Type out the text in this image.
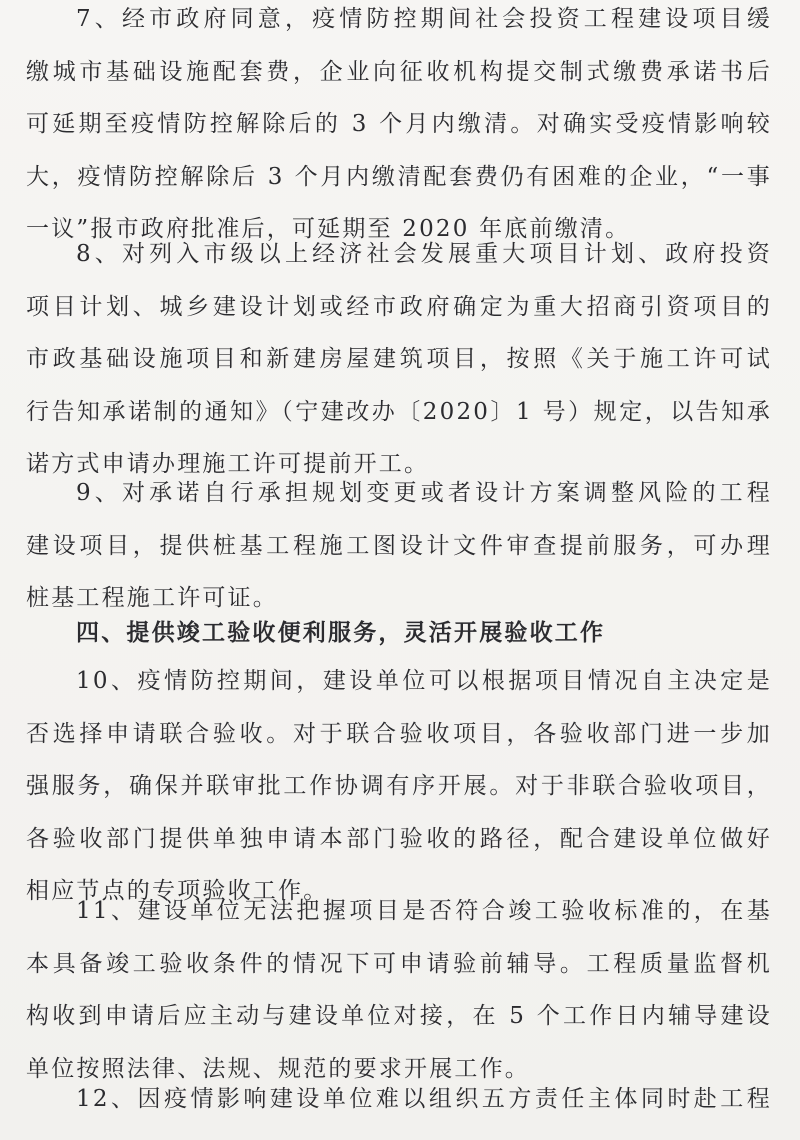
7、经市政府同意，疫情防控期间社会投资工程建设项目缓
缴城市基础设施配套费，企业向征收机构提交制式缴费承诺书后
可延期至疫情防控解除后的 3 个月内缴清。对确实受疫情影响较
大，疫情防控解除后 3 个月内缴清配套费仍有困难的企业，“一事
一议”报市政府批准后，可延期至 2020 年底前缴清。
8、对列入市级以上经济社会发展重大项目计划、政府投资
项目计划、城乡建设计划或经市政府确定为重大招商引资项目的
市政基础设施项目和新建房屋建筑项目，按照《关于施工许可试
行告知承诺制的通知》（宁建改办〔2020〕1 号）规定，以告知承
诺方式申请办理施工许可提前开工。
9、对承诺自行承担规划变更或者设计方案调整风险的工程
建设项目，提供桩基工程施工图设计文件审查提前服务，可办理
桩基工程施工许可证。
四、提供竣工验收便利服务，灵活开展验收工作
10、疫情防控期间，建设单位可以根据项目情况自主决定是
否选择申请联合验收。对于联合验收项目，各验收部门进一步加
强服务，确保并联审批工作协调有序开展。对于非联合验收项目，
各验收部门提供单独申请本部门验收的路径，配合建设单位做好
相应节点的专项验收工作。
11、建设单位无法把握项目是否符合竣工验收标准的，在基
本具备竣工验收条件的情况下可申请验前辅导。工程质量监督机
构收到申请后应主动与建设单位对接，在 5 个工作日内辅导建设
单位按照法律、法规、规范的要求开展工作。
12、因疫情影响建设单位难以组织五方责任主体同时赴工程
